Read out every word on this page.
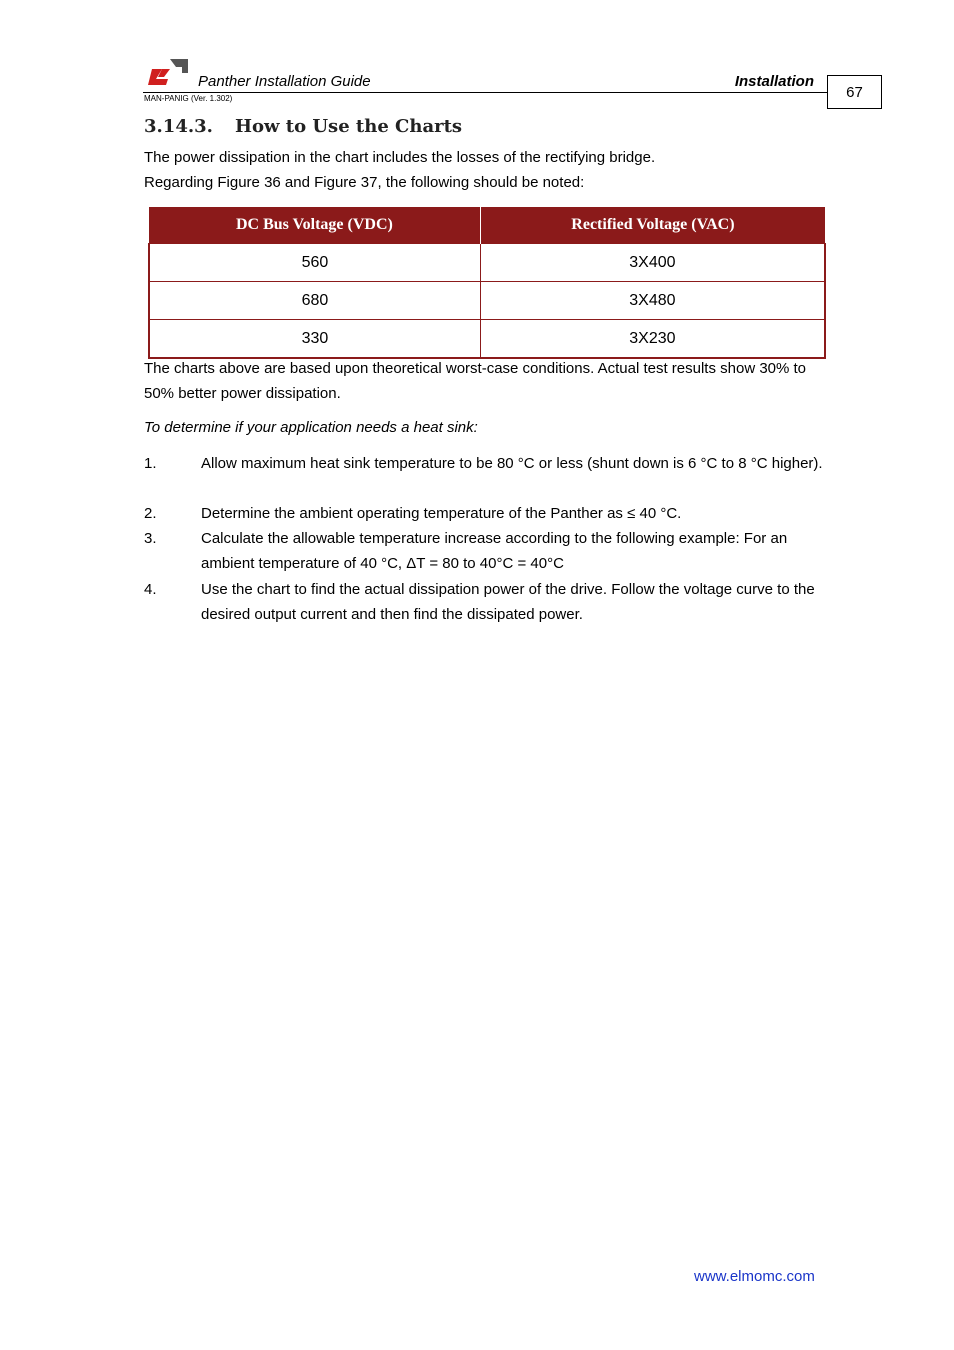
Panther Installation Guide	Installation
MAN-PANIG (Ver. 1.302)	67
3.14.3. How to Use the Charts
The power dissipation in the chart includes the losses of the rectifying bridge.
Regarding Figure 36 and Figure 37, the following should be noted:
DC Bus Voltage (VDC)	Rectified Voltage (VAC)
560	3X400
680	3X480
330	3X230
The charts above are based upon theoretical worst-case conditions. Actual test results show 30% to 50% better power dissipation.
To determine if your application needs a heat sink:
1.	Allow maximum heat sink temperature to be 80 °C or less (shunt down is 6 °C to 8 °C higher).
2.	Determine the ambient operating temperature of the Panther as ≤ 40 °C.
3.	Calculate the allowable temperature increase according to the following example: For an ambient temperature of 40 °C, ΔT = 80 to 40°C = 40°C
4.	Use the chart to find the actual dissipation power of the drive. Follow the voltage curve to the desired output current and then find the dissipated power.
www.elmomc.com
